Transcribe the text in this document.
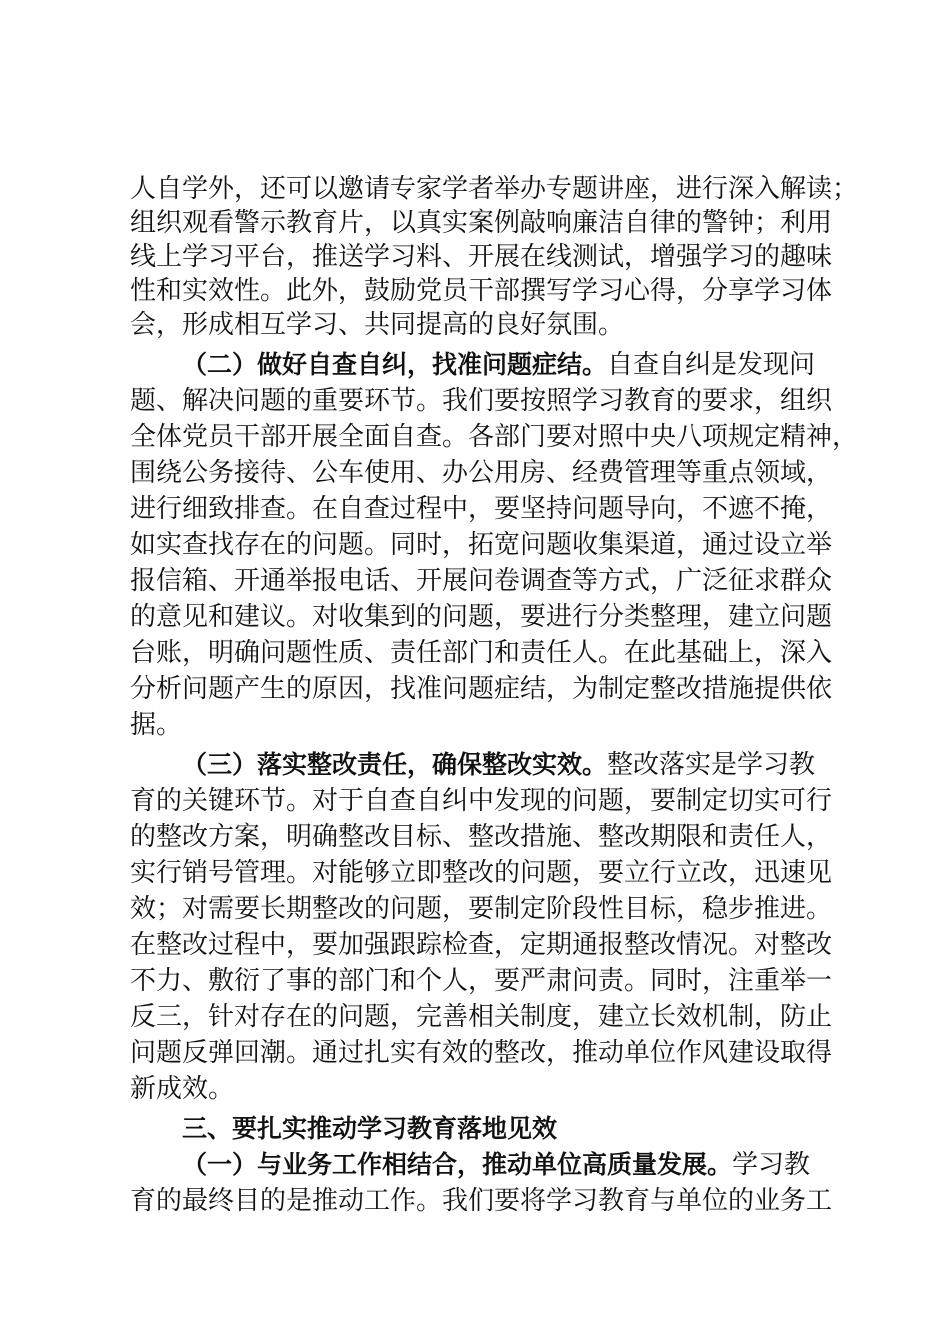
人自学外，还可以邀请专家学者举办专题讲座，进行深入解读；
组织观看警示教育片，以真实案例敲响廉洁自律的警钟；利用
线上学习平台，推送学习料、开展在线测试，增强学习的趣味
性和实效性。此外，鼓励党员干部撰写学习心得，分享学习体
会，形成相互学习、共同提高的良好氛围。
（二）做好自查自纠，找准问题症结。自查自纠是发现问
题、解决问题的重要环节。我们要按照学习教育的要求，组织
全体党员干部开展全面自查。各部门要对照中央八项规定精神，
围绕公务接待、公车使用、办公用房、经费管理等重点领域，
进行细致排查。在自查过程中，要坚持问题导向，不遮不掩，
如实查找存在的问题。同时，拓宽问题收集渠道，通过设立举
报信箱、开通举报电话、开展问卷调查等方式，广泛征求群众
的意见和建议。对收集到的问题，要进行分类整理，建立问题
台账，明确问题性质、责任部门和责任人。在此基础上，深入
分析问题产生的原因，找准问题症结，为制定整改措施提供依
据。
（三）落实整改责任，确保整改实效。整改落实是学习教
育的关键环节。对于自查自纠中发现的问题，要制定切实可行
的整改方案，明确整改目标、整改措施、整改期限和责任人，
实行销号管理。对能够立即整改的问题，要立行立改，迅速见
效；对需要长期整改的问题，要制定阶段性目标，稳步推进。
在整改过程中，要加强跟踪检查，定期通报整改情况。对整改
不力、敷衍了事的部门和个人，要严肃问责。同时，注重举一
反三，针对存在的问题，完善相关制度，建立长效机制，防止
问题反弹回潮。通过扎实有效的整改，推动单位作风建设取得
新成效。
三、要扎实推动学习教育落地见效
（一）与业务工作相结合，推动单位高质量发展。学习教
育的最终目的是推动工作。我们要将学习教育与单位的业务工
